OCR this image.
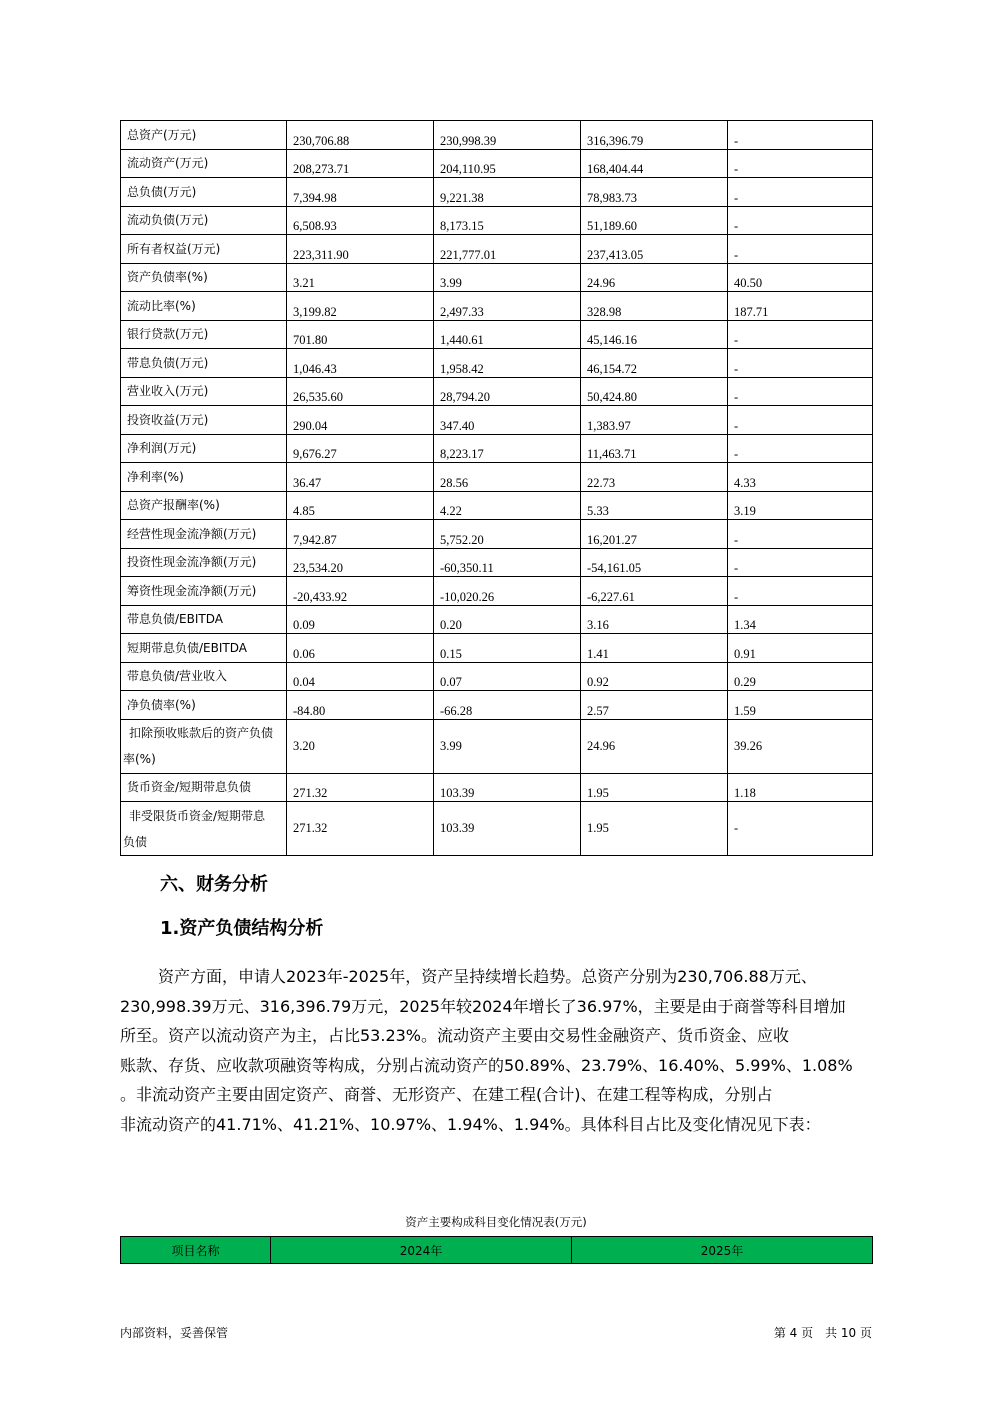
总资产(万元)	230,706.88	230,998.39	316,396.79	-
流动资产(万元)	208,273.71	204,110.95	168,404.44	-
总负债(万元)	7,394.98	9,221.38	78,983.73	-
流动负债(万元)	6,508.93	8,173.15	51,189.60	-
所有者权益(万元)	223,311.90	221,777.01	237,413.05	-
资产负债率(%)	3.21	3.99	24.96	40.50
流动比率(%)	3,199.82	2,497.33	328.98	187.71
银行贷款(万元)	701.80	1,440.61	45,146.16	-
带息负债(万元)	1,046.43	1,958.42	46,154.72	-
营业收入(万元)	26,535.60	28,794.20	50,424.80	-
投资收益(万元)	290.04	347.40	1,383.97	-
净利润(万元)	9,676.27	8,223.17	11,463.71	-
净利率(%)	36.47	28.56	22.73	4.33
总资产报酬率(%)	4.85	4.22	5.33	3.19
经营性现金流净额(万元)	7,942.87	5,752.20	16,201.27	-
投资性现金流净额(万元)	23,534.20	-60,350.11	-54,161.05	-
筹资性现金流净额(万元)	-20,433.92	-10,020.26	-6,227.61	-
带息负债/EBITDA	0.09	0.20	3.16	1.34
短期带息负债/EBITDA	0.06	0.15	1.41	0.91
带息负债/营业收入	0.04	0.07	0.92	0.29
净负债率(%)	-84.80	-66.28	2.57	1.59
扣除预收账款后的资产负债
率(%)	3.20	3.99	24.96	39.26
货币资金/短期带息负债	271.32	103.39	1.95	1.18
非受限货币资金/短期带息
负债	271.32	103.39	1.95	-
六、财务分析
1.资产负债结构分析
资产方面，申请人2023年-2025年，资产呈持续增长趋势。总资产分别为230,706.88万元、
230,998.39万元、316,396.79万元，2025年较2024年增长了36.97%，主要是由于商誉等科目增加
所至。资产以流动资产为主，占比53.23%。流动资产主要由交易性金融资产、货币资金、应收
账款、存货、应收款项融资等构成，分别占流动资产的50.89%、23.79%、16.40%、5.99%、1.08%
。非流动资产主要由固定资产、商誉、无形资产、在建工程(合计)、在建工程等构成，分别占
非流动资产的41.71%、41.21%、10.97%、1.94%、1.94%。具体科目占比及变化情况见下表：
资产主要构成科目变化情况表(万元)
项目名称	2024年	2025年
内部资料，妥善保管	第 4 页　共 10 页
